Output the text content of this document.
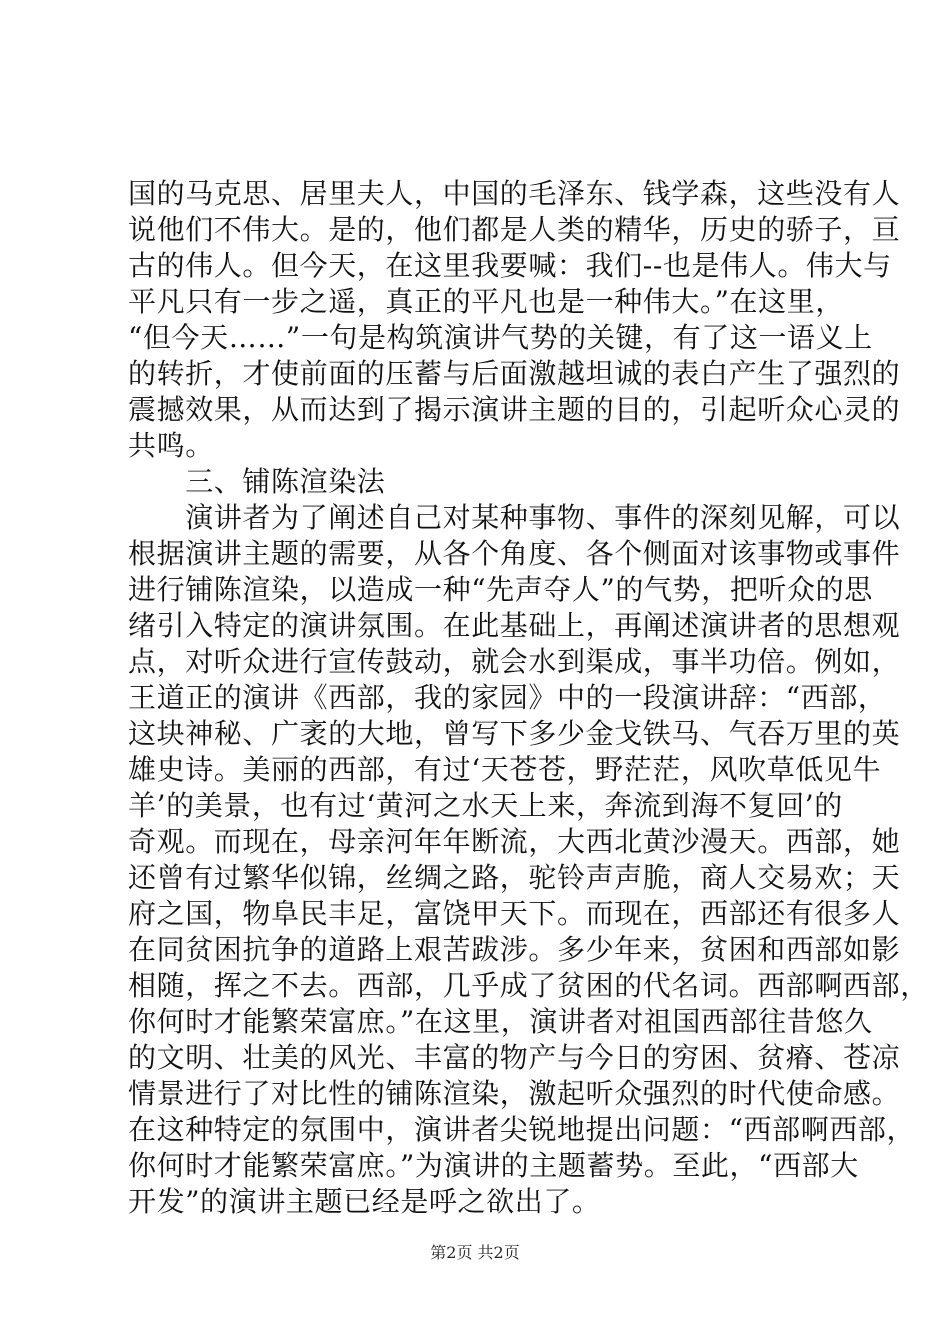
国的马克思、居里夫人，中国的毛泽东、钱学森，这些没有人
说他们不伟大。是的，他们都是人类的精华，历史的骄子，亘
古的伟人。但今天，在这里我要喊：我们--也是伟人。伟大与
平凡只有一步之遥，真正的平凡也是一种伟大。”在这里，
“但今天……”一句是构筑演讲气势的关键，有了这一语义上
的转折，才使前面的压蓄与后面激越坦诚的表白产生了强烈的
震撼效果，从而达到了揭示演讲主题的目的，引起听众心灵的
共鸣。
　　三、铺陈渲染法
　　演讲者为了阐述自己对某种事物、事件的深刻见解，可以
根据演讲主题的需要，从各个角度、各个侧面对该事物或事件
进行铺陈渲染，以造成一种“先声夺人”的气势，把听众的思
绪引入特定的演讲氛围。在此基础上，再阐述演讲者的思想观
点，对听众进行宣传鼓动，就会水到渠成，事半功倍。例如，
王道正的演讲《西部，我的家园》中的一段演讲辞：“西部，
这块神秘、广袤的大地，曾写下多少金戈铁马、气吞万里的英
雄史诗。美丽的西部，有过‘天苍苍，野茫茫，风吹草低见牛
羊’的美景，也有过‘黄河之水天上来，奔流到海不复回’的
奇观。而现在，母亲河年年断流，大西北黄沙漫天。西部，她
还曾有过繁华似锦，丝绸之路，驼铃声声脆，商人交易欢；天
府之国，物阜民丰足，富饶甲天下。而现在，西部还有很多人
在同贫困抗争的道路上艰苦跋涉。多少年来，贫困和西部如影
相随，挥之不去。西部，几乎成了贫困的代名词。西部啊西部，
你何时才能繁荣富庶。”在这里，演讲者对祖国西部往昔悠久
的文明、壮美的风光、丰富的物产与今日的穷困、贫瘠、苍凉
情景进行了对比性的铺陈渲染，激起听众强烈的时代使命感。
在这种特定的氛围中，演讲者尖锐地提出问题：“西部啊西部，
你何时才能繁荣富庶。”为演讲的主题蓄势。至此，“西部大
开发”的演讲主题已经是呼之欲出了。
第2页 共2页
